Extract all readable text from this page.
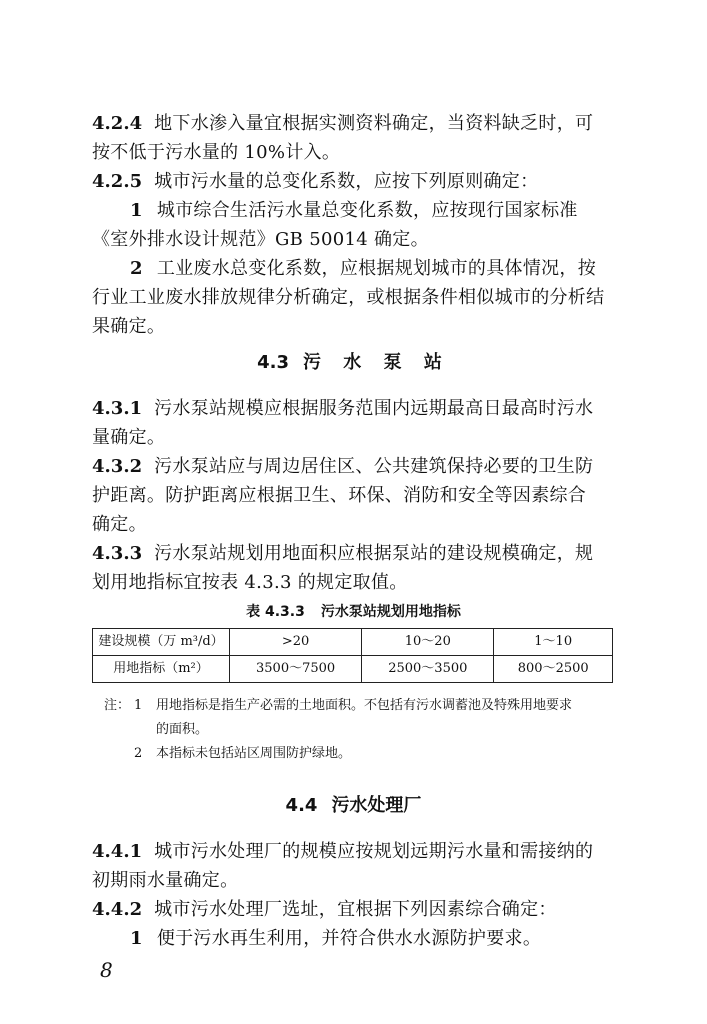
4.2.4 地下水渗入量宜根据实测资料确定，当资料缺乏时，可
按不低于污水量的 10%计入。
4.2.5 城市污水量的总变化系数，应按下列原则确定：
1 城市综合生活污水量总变化系数，应按现行国家标准
《室外排水设计规范》GB 50014 确定。
2 工业废水总变化系数，应根据规划城市的具体情况，按
行业工业废水排放规律分析确定，或根据条件相似城市的分析结
果确定。
4.3 污 水 泵 站
4.3.1 污水泵站规模应根据服务范围内远期最高日最高时污水
量确定。
4.3.2 污水泵站应与周边居住区、公共建筑保持必要的卫生防
护距离。防护距离应根据卫生、环保、消防和安全等因素综合
确定。
4.3.3 污水泵站规划用地面积应根据泵站的建设规模确定，规
划用地指标宜按表 4.3.3 的规定取值。
表 4.3.3 污水泵站规划用地指标
建设规模（万 m³/d）	>20	10～20	1～10
用地指标（m²）	3500～7500	2500～3500	800～2500
注： 1 用地指标是指生产必需的土地面积。不包括有污水调蓄池及特殊用地要求
的面积。
2 本指标未包括站区周围防护绿地。
4.4 污水处理厂
4.4.1 城市污水处理厂的规模应按规划远期污水量和需接纳的
初期雨水量确定。
4.4.2 城市污水处理厂选址，宜根据下列因素综合确定：
1 便于污水再生利用，并符合供水水源防护要求。
8
